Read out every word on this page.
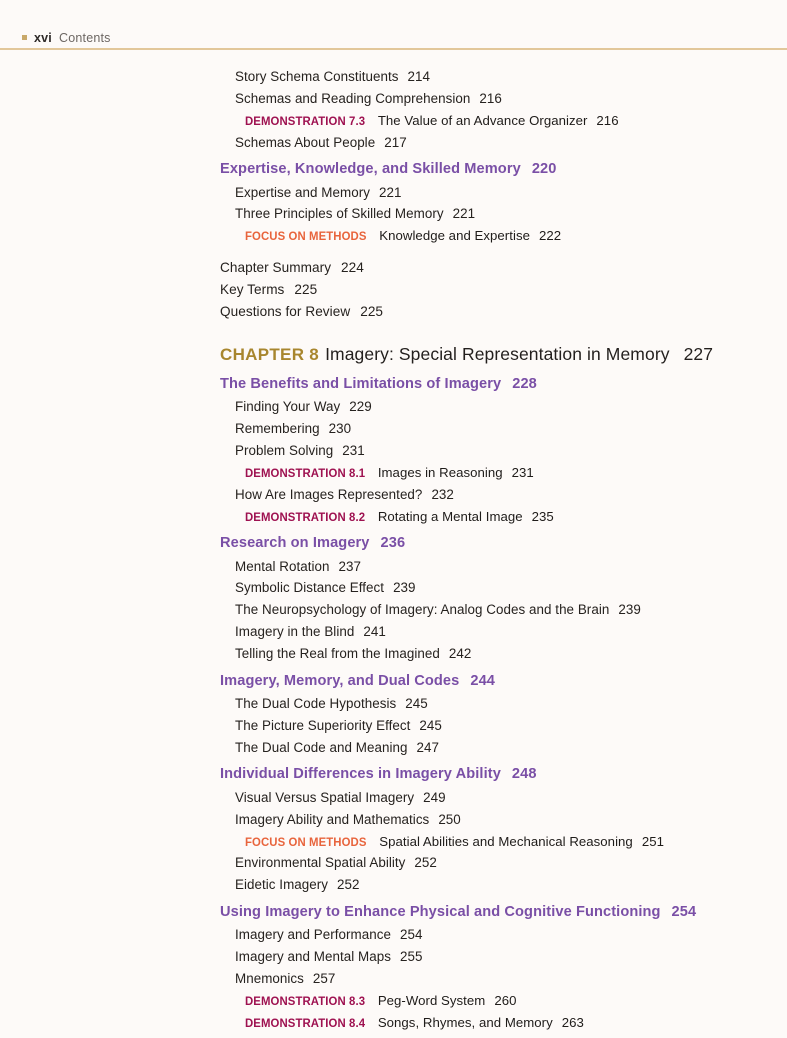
xvi Contents
Story Schema Constituents 214
Schemas and Reading Comprehension 216
DEMONSTRATION 7.3 The Value of an Advance Organizer 216
Schemas About People 217
Expertise, Knowledge, and Skilled Memory 220
Expertise and Memory 221
Three Principles of Skilled Memory 221
FOCUS ON METHODS Knowledge and Expertise 222
Chapter Summary 224
Key Terms 225
Questions for Review 225
CHAPTER 8 Imagery: Special Representation in Memory 227
The Benefits and Limitations of Imagery 228
Finding Your Way 229
Remembering 230
Problem Solving 231
DEMONSTRATION 8.1 Images in Reasoning 231
How Are Images Represented? 232
DEMONSTRATION 8.2 Rotating a Mental Image 235
Research on Imagery 236
Mental Rotation 237
Symbolic Distance Effect 239
The Neuropsychology of Imagery: Analog Codes and the Brain 239
Imagery in the Blind 241
Telling the Real from the Imagined 242
Imagery, Memory, and Dual Codes 244
The Dual Code Hypothesis 245
The Picture Superiority Effect 245
The Dual Code and Meaning 247
Individual Differences in Imagery Ability 248
Visual Versus Spatial Imagery 249
Imagery Ability and Mathematics 250
FOCUS ON METHODS Spatial Abilities and Mechanical Reasoning 251
Environmental Spatial Ability 252
Eidetic Imagery 252
Using Imagery to Enhance Physical and Cognitive Functioning 254
Imagery and Performance 254
Imagery and Mental Maps 255
Mnemonics 257
DEMONSTRATION 8.3 Peg-Word System 260
DEMONSTRATION 8.4 Songs, Rhymes, and Memory 263
